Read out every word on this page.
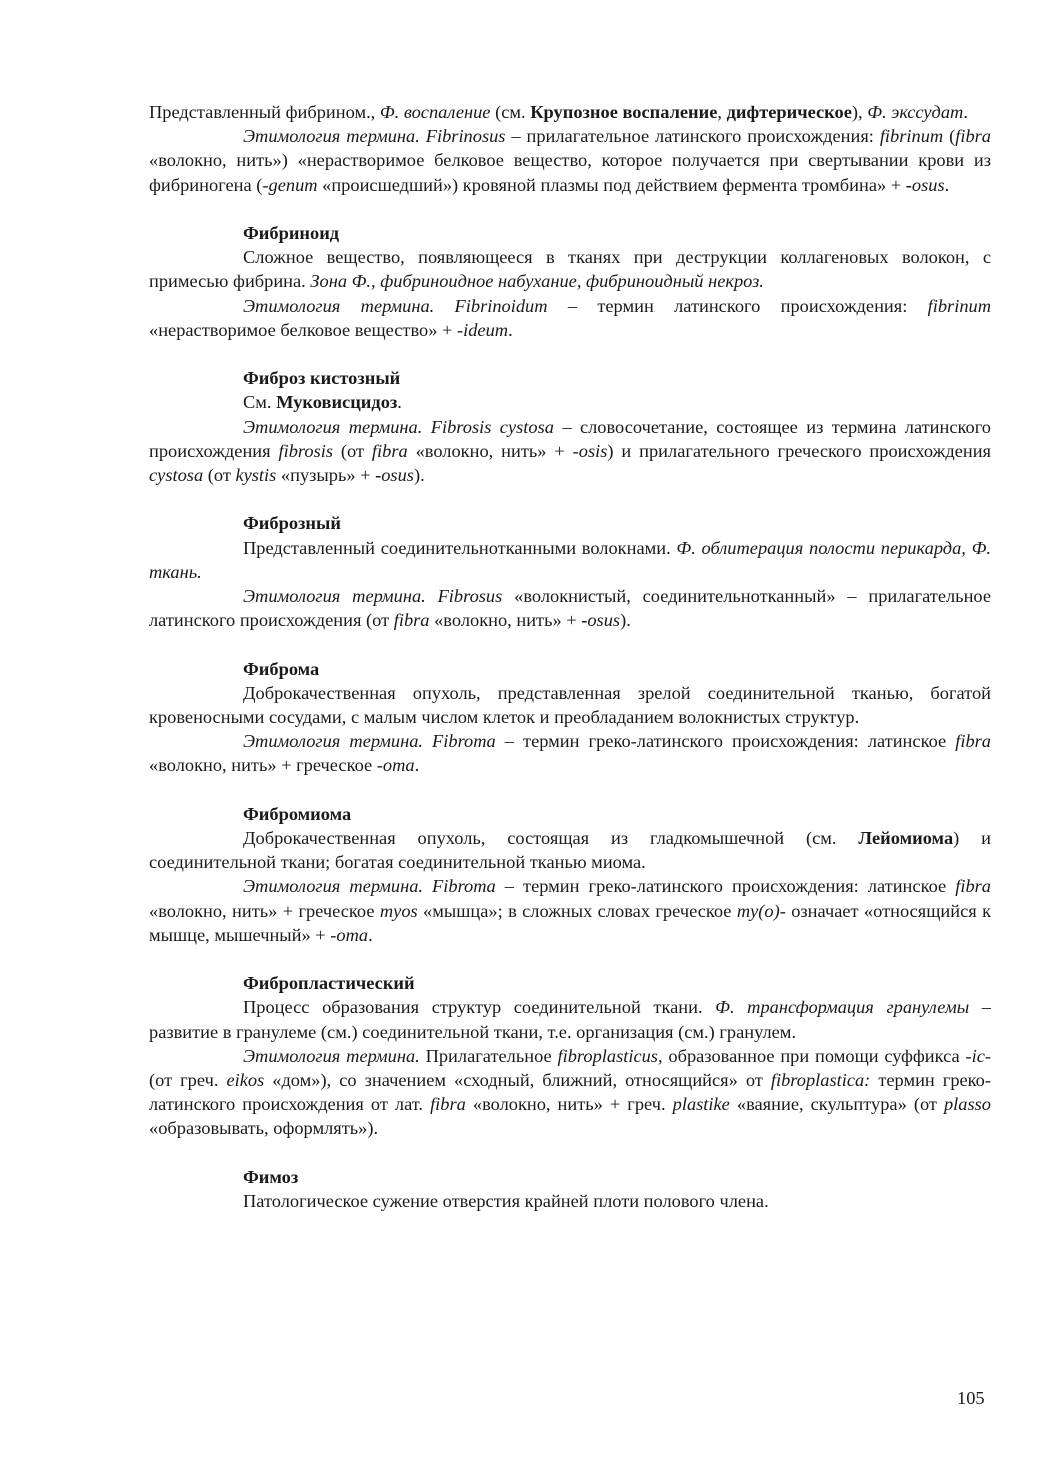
Представленный фибрином., Ф. воспаление (см. Крупозное воспаление, дифтерическое), Ф. экссудат.

Этимология термина. Fibrinosus – прилагательное латинского происхождения: fibrinum (fibra «волокно, нить») «нерастворимое белковое вещество, которое получается при свертывании крови из фибриногена (-genum «происшедший») кровяной плазмы под действием фермента тромбина» + -osus.

Фибриноид

Сложное вещество, появляющееся в тканях при деструкции коллагеновых волокон, с примесью фибрина. Зона Ф., фибриноидное набухание, фибриноидный некроз.

Этимология термина. Fibrinoidum – термин латинского происхождения: fibrinum «нерастворимое белковое вещество» + -ideum.

Фиброз кистозный

См. Муковисцидоз.

Этимология термина. Fibrosis cystosa – словосочетание, состоящее из термина латинского происхождения fibrosis (от fibra «волокно, нить» + -osis) и прилагательного греческого происхождения cystosa (от kystis «пузырь» + -osus).

Фиброзный

Представленный соединительнотканными волокнами. Ф. облитерация полости перикарда, Ф. ткань.

Этимология термина. Fibrosus «волокнистый, соединительнотканный» – прилагательное латинского происхождения (от fibra «волокно, нить» + -osus).

Фиброма

Доброкачественная опухоль, представленная зрелой соединительной тканью, богатой кровеносными сосудами, с малым числом клеток и преобладанием волокнистых структур.

Этимология термина. Fibroma – термин греко-латинского происхождения: латинское fibra «волокно, нить» + греческое -oma.

Фибромиома

Доброкачественная опухоль, состоящая из гладкомышечной (см. Лейомиома) и соединительной ткани; богатая соединительной тканью миома.

Этимология термина. Fibroma – термин греко-латинского происхождения: латинское fibra «волокно, нить» + греческое myos «мышца»; в сложных словах греческое my(o)- означает «относящийся к мышце, мышечный» + -oma.

Фибропластический

Процесс образования структур соединительной ткани. Ф. трансформация гранулемы – развитие в гранулеме (см.) соединительной ткани, т.е. организация (см.) гранулем.

Этимология термина. Прилагательное fibroplasticus, образованное при помощи суффикса -ic- (от греч. eikos «дом»), со значением «сходный, ближний, относящийся» от fibroplastica: термин греко-латинского происхождения от лат. fibra «волокно, нить» + греч. plastike «ваяние, скульптура» (от plasso «образовывать, оформлять»).

Фимоз

Патологическое сужение отверстия крайней плоти полового члена.

105
